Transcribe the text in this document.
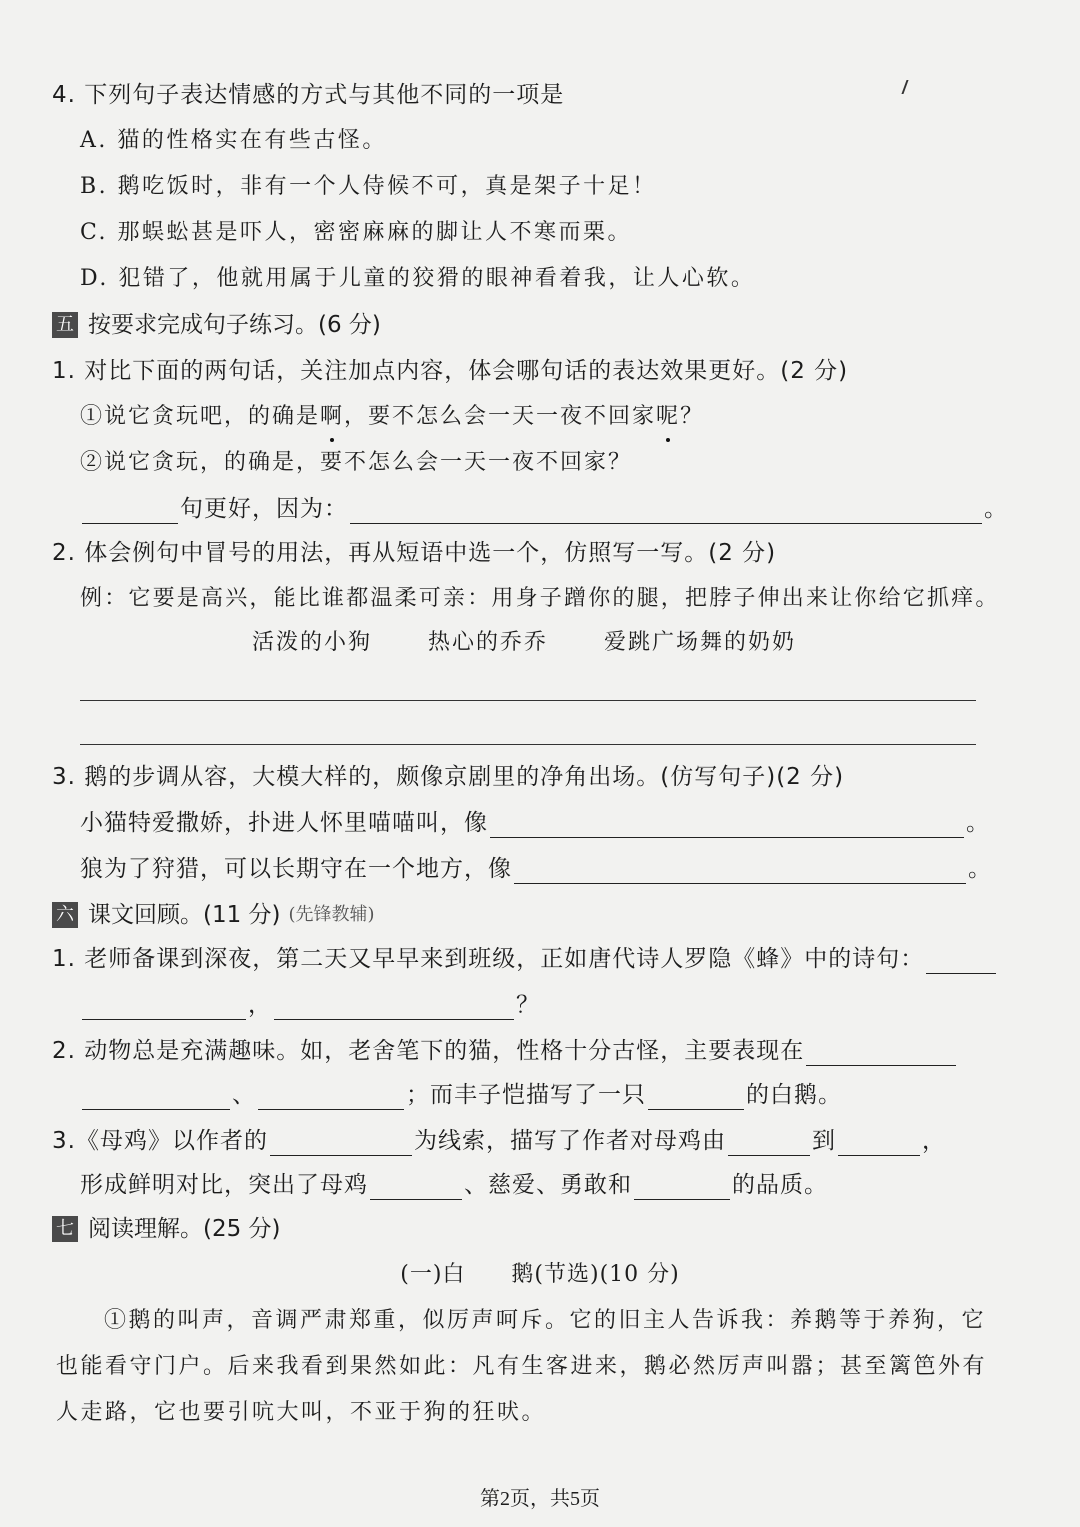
4. 下列句子表达情感的方式与其他不同的一项是
A. 猫的性格实在有些古怪。
B. 鹅吃饭时，非有一个人侍候不可，真是架子十足！
C. 那蜈蚣甚是吓人，密密麻麻的脚让人不寒而栗。
D. 犯错了，他就用属于儿童的狡猾的眼神看着我，让人心软。
五 按要求完成句子练习。(6 分)
1. 对比下面的两句话，关注加点内容，体会哪句话的表达效果更好。(2 分)
①说它贪玩吧，的确是啊
，要不怎么会一天一夜不回家呢
？
②说它贪玩，的确是，要不怎么会一天一夜不回家？
句更好，因为：	。
2. 体会例句中冒号的用法，再从短语中选一个，仿照写一写。(2 分)
例：它要是高兴，能比谁都温柔可亲：用身子蹭你的腿，把脖子伸出来让你给它抓痒。
活泼的小狗	热心的乔乔	爱跳广场舞的奶奶
3. 鹅的步调从容，大模大样的，颇像京剧里的净角出场。(仿写句子)(2 分)
小猫特爱撒娇，扑进人怀里喵喵叫，像	。
狼为了狩猎，可以长期守在一个地方，像	。
六 课文回顾。(11 分) (先锋教辅)
1. 老师备课到深夜，第二天又早早来到班级，正如唐代诗人罗隐《蜂》中的诗句：
，	？
2. 动物总是充满趣味。如，老舍笔下的猫，性格十分古怪，主要表现在
、	；而丰子恺描写了一只	的白鹅。
3.《母鸡》以作者的	为线索，描写了作者对母鸡由	到	，
形成鲜明对比，突出了母鸡	、慈爱、勇敢和	的品质。
七 阅读理解。(25 分)
(一)白　　鹅(节选)(10 分)
①鹅的叫声，音调严肃郑重，似厉声呵斥。它的旧主人告诉我：养鹅等于养狗，它
也能看守门户。后来我看到果然如此：凡有生客进来，鹅必然厉声叫嚣；甚至篱笆外有
人走路，它也要引吭大叫，不亚于狗的狂吠。
第2页，共5页
